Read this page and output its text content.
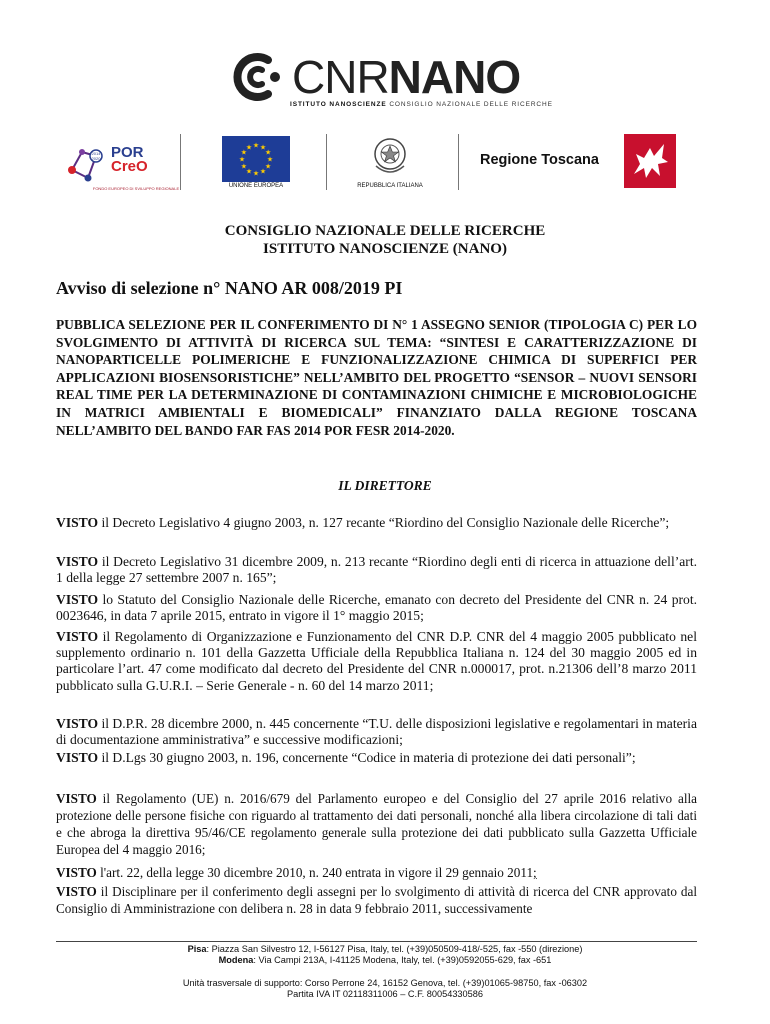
CNRNANO
ISTITUTO NANOSCIENZE CONSIGLIO NAZIONALE DELLE RICERCHE
2014
2020 POR
CreO
FONDO EUROPEO DI SVILUPPO REGIONALE
★
★
★
★
★
★
★
★
★ ★ ★
★
UNIONE EUROPEA	REPUBBLICA ITALIANA
Regione Toscana
CONSIGLIO NAZIONALE DELLE RICERCHE
ISTITUTO NANOSCIENZE (NANO)
Avviso di selezione n° NANO AR 008/2019 PI
PUBBLICA SELEZIONE PER IL CONFERIMENTO DI N° 1 ASSEGNO SENIOR (TIPOLOGIA C) PER LO SVOLGIMENTO DI ATTIVITÀ DI RICERCA SUL TEMA: “SINTESI E CARATTERIZZAZIONE DI NANOPARTICELLE POLIMERICHE E FUNZIONALIZZAZIONE CHIMICA DI SUPERFICI PER APPLICAZIONI BIOSENSORISTICHE” NELL’AMBITO DEL PROGETTO “SENSOR – NUOVI SENSORI REAL TIME PER LA DETERMINAZIONE DI CONTAMINAZIONI CHIMICHE E MICROBIOLOGICHE IN MATRICI AMBIENTALI E BIOMEDICALI” FINANZIATO DALLA REGIONE TOSCANA NELL’AMBITO DEL BANDO FAR FAS 2014 POR FESR 2014-2020.
IL DIRETTORE
VISTO il Decreto Legislativo 4 giugno 2003, n. 127 recante “Riordino del Consiglio Nazionale delle Ricerche”;
VISTO il Decreto Legislativo 31 dicembre 2009, n. 213 recante “Riordino degli enti di ricerca in attuazione dell’art. 1 della legge 27 settembre 2007 n. 165”;
VISTO lo Statuto del Consiglio Nazionale delle Ricerche, emanato con decreto del Presidente del CNR n. 24 prot. 0023646, in data 7 aprile 2015, entrato in vigore il 1° maggio 2015;
VISTO il Regolamento di Organizzazione e Funzionamento del CNR D.P. CNR del 4 maggio 2005 pubblicato nel supplemento ordinario n. 101 della Gazzetta Ufficiale della Repubblica Italiana n. 124 del 30 maggio 2005 ed in particolare l’art. 47 come modificato dal decreto del Presidente del CNR n.000017, prot. n.21306 dell’8 marzo 2011 pubblicato sulla G.U.R.I. – Serie Generale - n. 60 del 14 marzo 2011;
VISTO il D.P.R. 28 dicembre 2000, n. 445 concernente “T.U. delle disposizioni legislative e regolamentari in materia di documentazione amministrativa” e successive modificazioni;
VISTO il D.Lgs 30 giugno 2003, n. 196, concernente “Codice in materia di protezione dei dati personali”;
VISTO il Regolamento (UE) n. 2016/679 del Parlamento europeo e del Consiglio del 27 aprile 2016 relativo alla protezione delle persone fisiche con riguardo al trattamento dei dati personali, nonché alla libera circolazione di tali dati e che abroga la direttiva 95/46/CE regolamento generale sulla protezione dei dati pubblicato sulla Gazzetta Ufficiale Europea del 4 maggio 2016;
VISTO l'art. 22, della legge 30 dicembre 2010, n. 240 entrata in vigore il 29 gennaio 2011;
VISTO il Disciplinare per il conferimento degli assegni per lo svolgimento di attività di ricerca del CNR approvato dal Consiglio di Amministrazione con delibera n. 28 in data 9 febbraio 2011, successivamente
Pisa: Piazza San Silvestro 12, I-56127 Pisa, Italy, tel. (+39)050509-418/-525, fax -550 (direzione)
Modena: Via Campi 213A, I-41125 Modena, Italy, tel. (+39)0592055-629, fax -651
Unità trasversale di supporto: Corso Perrone 24, 16152 Genova, tel. (+39)01065-98750, fax -06302
Partita IVA IT 02118311006 – C.F. 80054330586
